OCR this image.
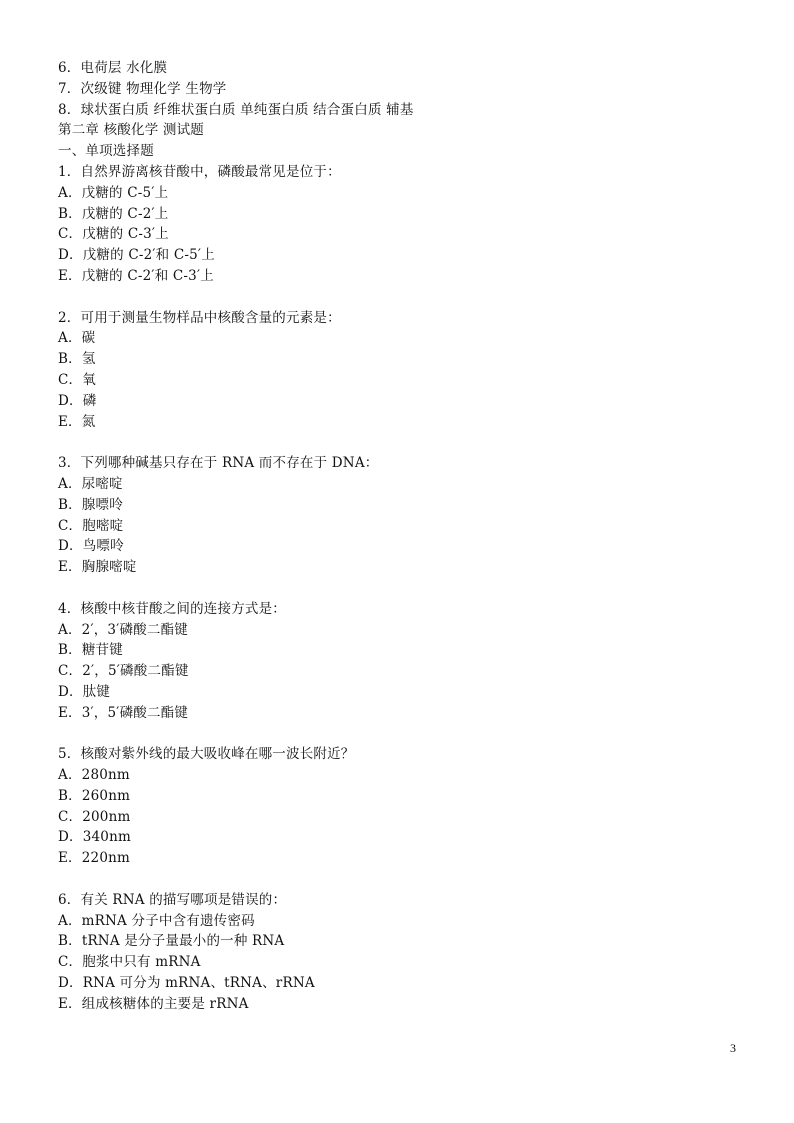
6．电荷层 水化膜
7．次级键 物理化学 生物学
8．球状蛋白质 纤维状蛋白质 单纯蛋白质 结合蛋白质 辅基
第二章 核酸化学 测试题
一、单项选择题
1．自然界游离核苷酸中，磷酸最常见是位于：
A．戊糖的 C-5′上
B．戊糖的 C-2′上
C．戊糖的 C-3′上
D．戊糖的 C-2′和 C-5′上
E．戊糖的 C-2′和 C-3′上
2．可用于测量生物样品中核酸含量的元素是：
A．碳
B．氢
C．氧
D．磷
E．氮
3．下列哪种碱基只存在于 RNA 而不存在于 DNA：
A．尿嘧啶
B．腺嘌呤
C．胞嘧啶
D．鸟嘌呤
E．胸腺嘧啶
4．核酸中核苷酸之间的连接方式是：
A．2′，3′磷酸二酯键
B．糖苷键
C．2′，5′磷酸二酯键
D．肽键
E．3′，5′磷酸二酯键
5．核酸对紫外线的最大吸收峰在哪一波长附近？
A．280nm
B．260nm
C．200nm
D．340nm
E．220nm
6．有关 RNA 的描写哪项是错误的：
A．mRNA 分子中含有遗传密码
B．tRNA 是分子量最小的一种 RNA
C．胞浆中只有 mRNA
D．RNA 可分为 mRNA、tRNA、rRNA
E．组成核糖体的主要是 rRNA
3
